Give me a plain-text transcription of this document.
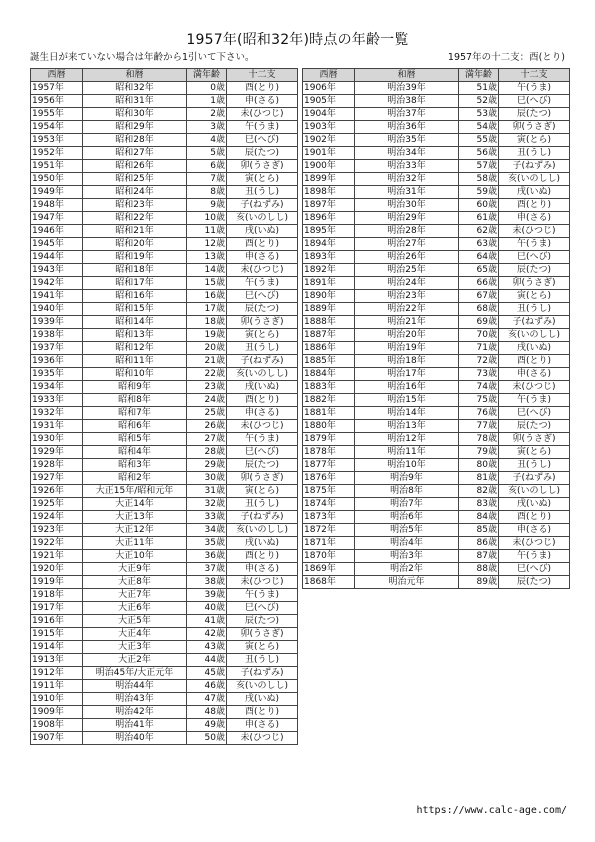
1957年(昭和32年)時点の年齢一覧
誕生日が来ていない場合は年齢から1引いて下さい。	1957年の十二支：酉(とり)
西暦	和暦	満年齢	十二支
1957年	昭和32年	0歳	酉(とり)
1956年	昭和31年	1歳	申(さる)
1955年	昭和30年	2歳	未(ひつじ)
1954年	昭和29年	3歳	午(うま)
1953年	昭和28年	4歳	巳(へび)
1952年	昭和27年	5歳	辰(たつ)
1951年	昭和26年	6歳	卯(うさぎ)
1950年	昭和25年	7歳	寅(とら)
1949年	昭和24年	8歳	丑(うし)
1948年	昭和23年	9歳	子(ねずみ)
1947年	昭和22年	10歳	亥(いのしし)
1946年	昭和21年	11歳	戌(いぬ)
1945年	昭和20年	12歳	酉(とり)
1944年	昭和19年	13歳	申(さる)
1943年	昭和18年	14歳	未(ひつじ)
1942年	昭和17年	15歳	午(うま)
1941年	昭和16年	16歳	巳(へび)
1940年	昭和15年	17歳	辰(たつ)
1939年	昭和14年	18歳	卯(うさぎ)
1938年	昭和13年	19歳	寅(とら)
1937年	昭和12年	20歳	丑(うし)
1936年	昭和11年	21歳	子(ねずみ)
1935年	昭和10年	22歳	亥(いのしし)
1934年	昭和9年	23歳	戌(いぬ)
1933年	昭和8年	24歳	酉(とり)
1932年	昭和7年	25歳	申(さる)
1931年	昭和6年	26歳	未(ひつじ)
1930年	昭和5年	27歳	午(うま)
1929年	昭和4年	28歳	巳(へび)
1928年	昭和3年	29歳	辰(たつ)
1927年	昭和2年	30歳	卯(うさぎ)
1926年	大正15年/昭和元年	31歳	寅(とら)
1925年	大正14年	32歳	丑(うし)
1924年	大正13年	33歳	子(ねずみ)
1923年	大正12年	34歳	亥(いのしし)
1922年	大正11年	35歳	戌(いぬ)
1921年	大正10年	36歳	酉(とり)
1920年	大正9年	37歳	申(さる)
1919年	大正8年	38歳	未(ひつじ)
1918年	大正7年	39歳	午(うま)
1917年	大正6年	40歳	巳(へび)
1916年	大正5年	41歳	辰(たつ)
1915年	大正4年	42歳	卯(うさぎ)
1914年	大正3年	43歳	寅(とら)
1913年	大正2年	44歳	丑(うし)
1912年	明治45年/大正元年	45歳	子(ねずみ)
1911年	明治44年	46歳	亥(いのしし)
1910年	明治43年	47歳	戌(いぬ)
1909年	明治42年	48歳	酉(とり)
1908年	明治41年	49歳	申(さる)
1907年	明治40年	50歳	未(ひつじ)
西暦	和暦	満年齢	十二支
1906年	明治39年	51歳	午(うま)
1905年	明治38年	52歳	巳(へび)
1904年	明治37年	53歳	辰(たつ)
1903年	明治36年	54歳	卯(うさぎ)
1902年	明治35年	55歳	寅(とら)
1901年	明治34年	56歳	丑(うし)
1900年	明治33年	57歳	子(ねずみ)
1899年	明治32年	58歳	亥(いのしし)
1898年	明治31年	59歳	戌(いぬ)
1897年	明治30年	60歳	酉(とり)
1896年	明治29年	61歳	申(さる)
1895年	明治28年	62歳	未(ひつじ)
1894年	明治27年	63歳	午(うま)
1893年	明治26年	64歳	巳(へび)
1892年	明治25年	65歳	辰(たつ)
1891年	明治24年	66歳	卯(うさぎ)
1890年	明治23年	67歳	寅(とら)
1889年	明治22年	68歳	丑(うし)
1888年	明治21年	69歳	子(ねずみ)
1887年	明治20年	70歳	亥(いのしし)
1886年	明治19年	71歳	戌(いぬ)
1885年	明治18年	72歳	酉(とり)
1884年	明治17年	73歳	申(さる)
1883年	明治16年	74歳	未(ひつじ)
1882年	明治15年	75歳	午(うま)
1881年	明治14年	76歳	巳(へび)
1880年	明治13年	77歳	辰(たつ)
1879年	明治12年	78歳	卯(うさぎ)
1878年	明治11年	79歳	寅(とら)
1877年	明治10年	80歳	丑(うし)
1876年	明治9年	81歳	子(ねずみ)
1875年	明治8年	82歳	亥(いのしし)
1874年	明治7年	83歳	戌(いぬ)
1873年	明治6年	84歳	酉(とり)
1872年	明治5年	85歳	申(さる)
1871年	明治4年	86歳	未(ひつじ)
1870年	明治3年	87歳	午(うま)
1869年	明治2年	88歳	巳(へび)
1868年	明治元年	89歳	辰(たつ)
https://www.calc-age.com/
